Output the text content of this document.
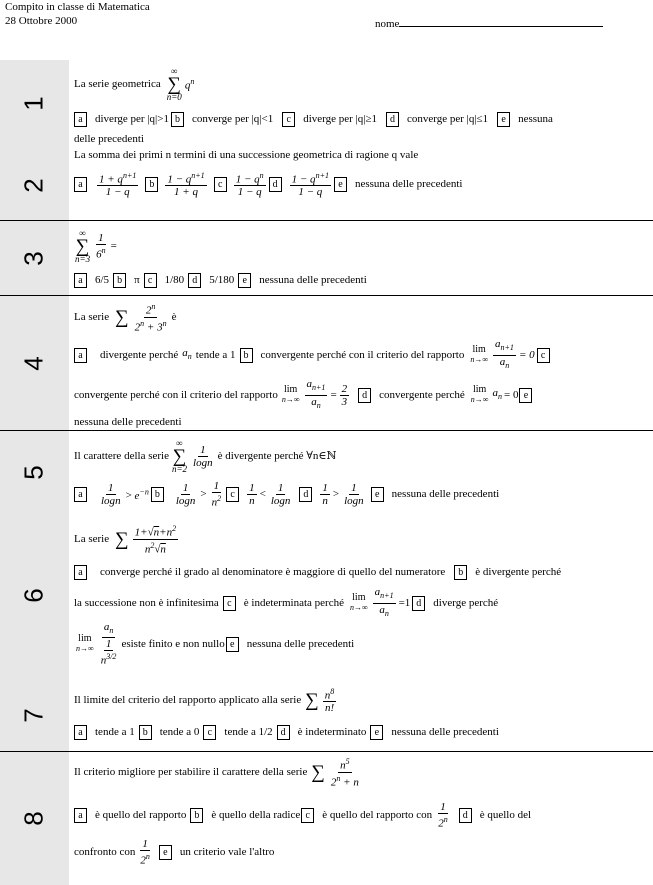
Compito in classe di Matematica
28 Ottobre 2000	nome
1
2
3
4
5
6
7
8
La serie geometrica
∞
∑
n=0
$q^n$
a	diverge per |q|>1 b	converge per |q|<1	c	diverge per |q|≥1	d	converge per |q|≤1	e	nessuna
delle precedenti
La somma dei primi n termini di una successione geometrica di ragione q vale
a	$1 + q^{n+1}$
1 − q
b	$1 - q^{n+1}$
1 + q
c	$1 - q^n$
1 − q
d	$1 - q^{n+1}$
1 − q
e	nessuna delle precedenti
∞
∑
$n=3 \frac{1}{6^n}$ =
a	6/5 b	π c	1/80 d	5/180 e	nessuna delle precedenti
La serie ∑ 2$^n$
$2^n + 3^n$
è
a	divergente perché $a_n$ tende a 1 b	convergente perché con il criterio del rapporto lim
$n\to\infty \frac{a_{n+1}}{a_n} = 0$ c
convergente perché con il criterio del rapporto lim
$n\to\infty \frac{a_{n+1}}{a_n} = \frac{2}{3}$	d	convergente perché lim
n→∞
$a_n = 0$ e
nessuna delle precedenti
Il carattere della serie
∞
∑
n=2
1
logn
è divergente perché ∀n∈ℕ
a
1
$\log n > e^{-n}$ b
1
logn
>
1
$n^2$ c
1
n
< 1
logn
d
1
n
> 1
logn
e	nessuna delle precedenti
La serie ∑ $1+√n+n^2$
$n^2√n$
a	converge perché il grado al denominatore è maggiore di quello del numeratore	b	è divergente perché
la successione non è infinitesima c	è indeterminata perché lim
$n\to\infty \frac{a_{n+1}}{a_n} =1$ d	diverge perché
lim
n→∞
$a_n$
1
$n^{3/2}$
esiste finito e non nullo e	nessuna delle precedenti
Il limite del criterio del rapporto applicato alla serie ∑ $n^8$
n!
a	tende a 1 b	tende a 0 c	tende a 1/2 d	è indeterminato e	nessuna delle precedenti
Il criterio migliore per stabilire il carattere della serie ∑ $n^5$
$2^n + n$
a	è quello del rapporto b	è quello della radice c	è quello del rapporto con
1
2$^n$	d	è quello del
confronto con
1
2$^n$	e	un criterio vale l'altro
